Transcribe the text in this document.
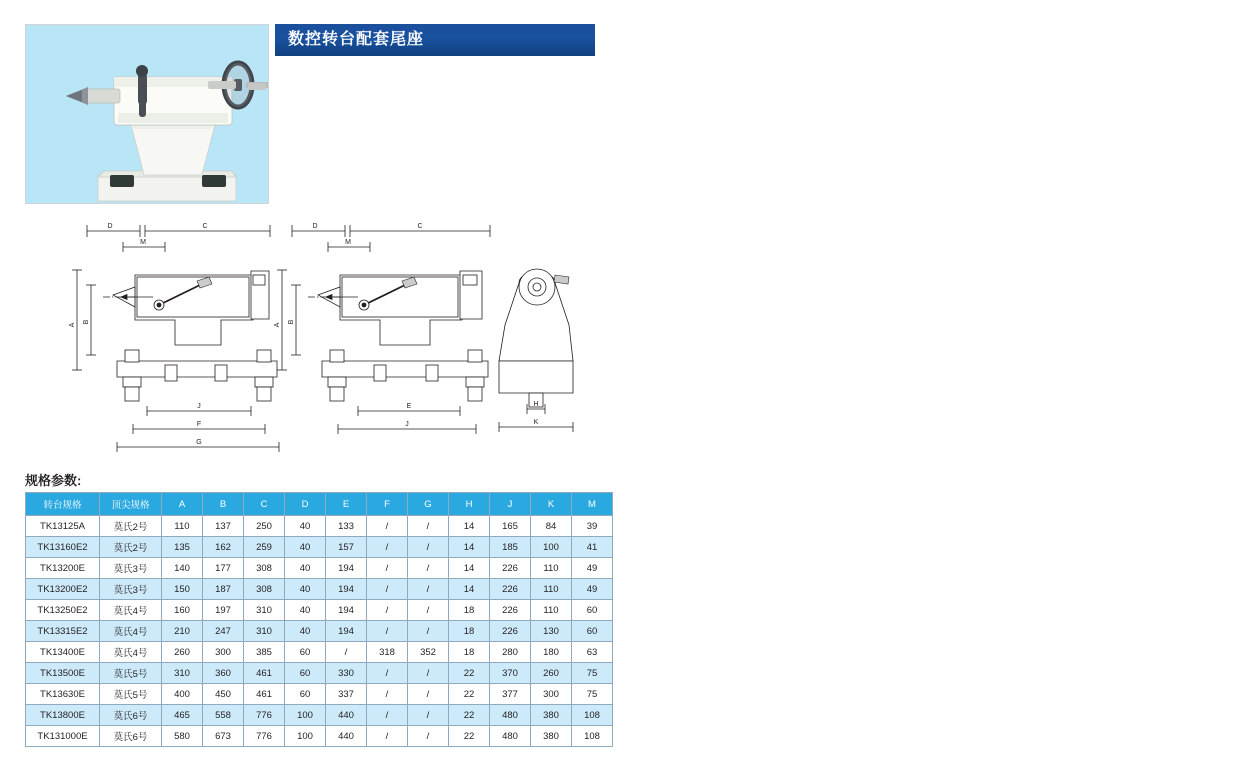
数控转台配套尾座
D	C
M
A
B
J
F
G
D	C
M
A
B
E
J
H
K
规格参数:
转台规格	顶尖规格	A	B	C	D	E	F	G	H	J	K	M
TK13125A	莫氏2号	110	137	250	40	133	/	/	14	165	84	39
TK13160E2	莫氏2号	135	162	259	40	157	/	/	14	185	100	41
TK13200E	莫氏3号	140	177	308	40	194	/	/	14	226	110	49
TK13200E2	莫氏3号	150	187	308	40	194	/	/	14	226	110	49
TK13250E2	莫氏4号	160	197	310	40	194	/	/	18	226	110	60
TK13315E2	莫氏4号	210	247	310	40	194	/	/	18	226	130	60
TK13400E	莫氏4号	260	300	385	60	/	318	352	18	280	180	63
TK13500E	莫氏5号	310	360	461	60	330	/	/	22	370	260	75
TK13630E	莫氏5号	400	450	461	60	337	/	/	22	377	300	75
TK13800E	莫氏6号	465	558	776	100	440	/	/	22	480	380	108
TK131000E	莫氏6号	580	673	776	100	440	/	/	22	480	380	108
